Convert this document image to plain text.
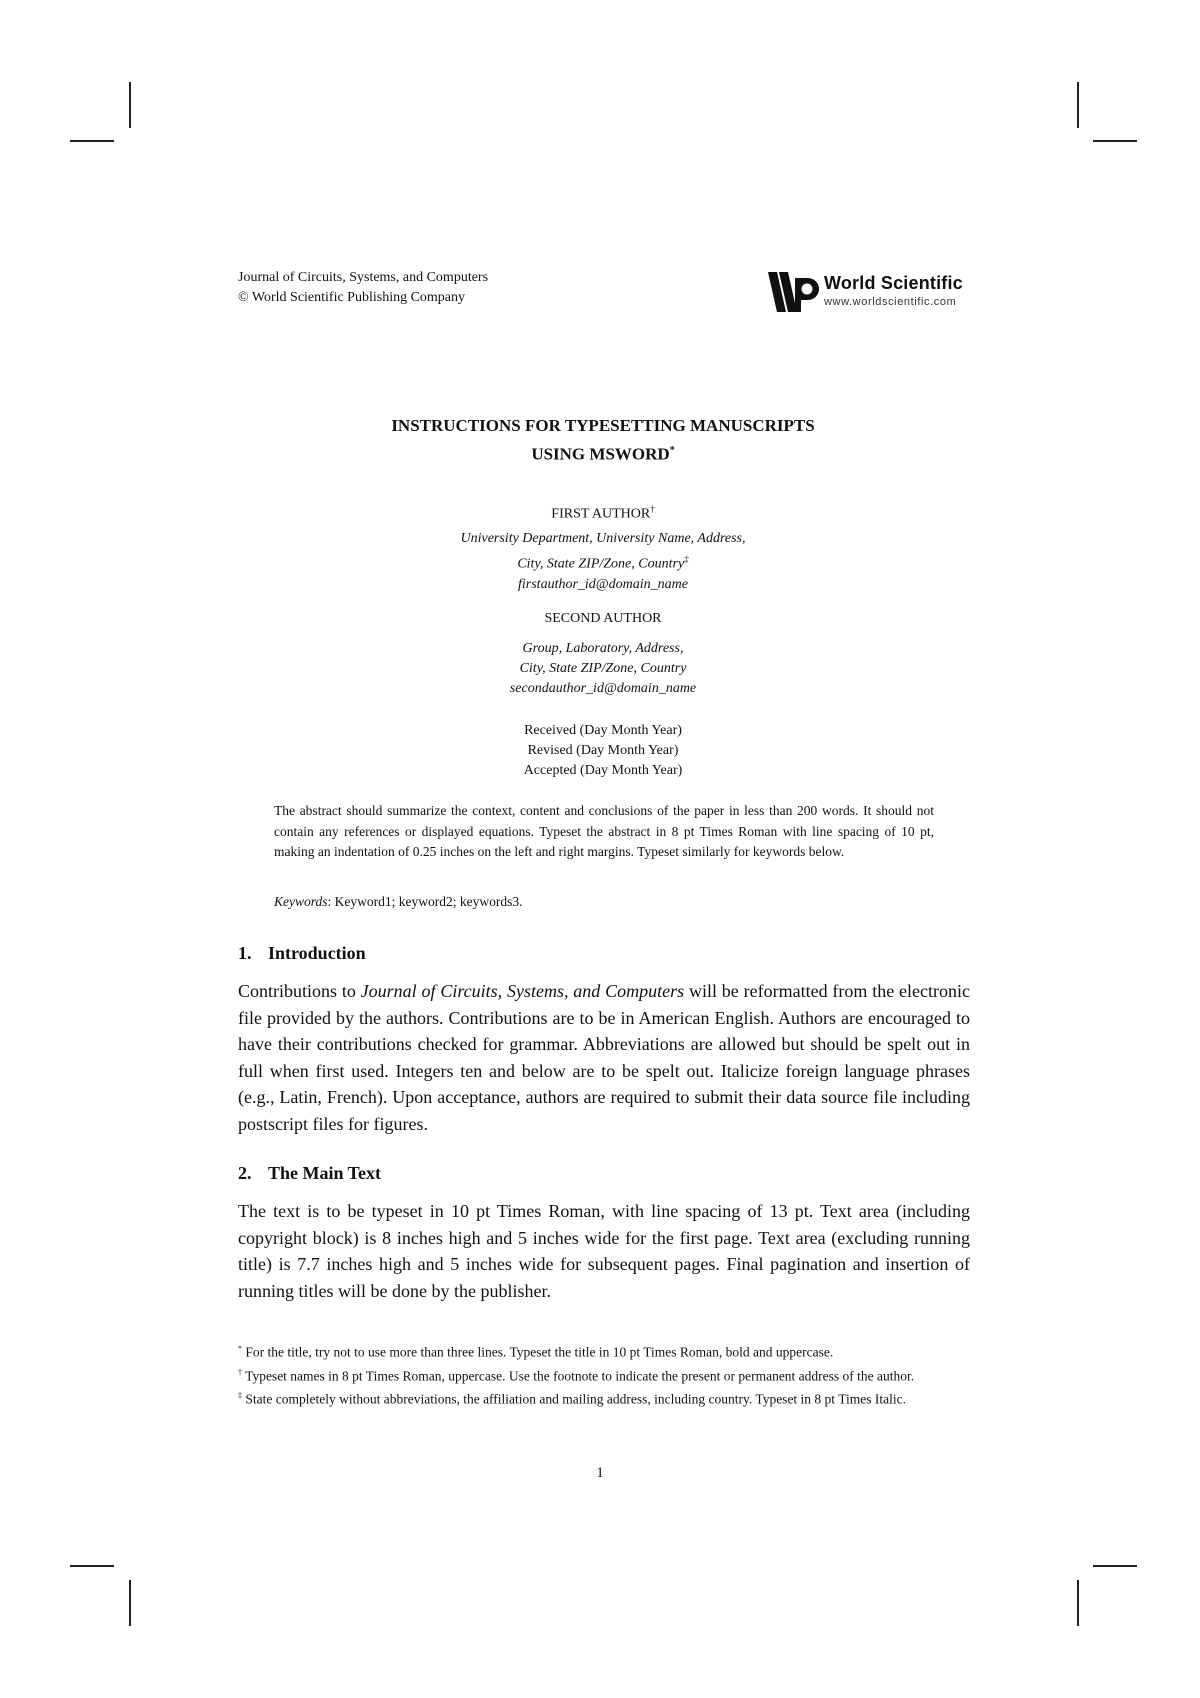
Journal of Circuits, Systems, and Computers
© World Scientific Publishing Company
World Scientific
www.worldscientific.com
INSTRUCTIONS FOR TYPESETTING MANUSCRIPTS
USING MSWORD*
FIRST AUTHOR†
University Department, University Name, Address,
City, State ZIP/Zone, Country‡
firstauthor_id@domain_name
SECOND AUTHOR
Group, Laboratory, Address,
City, State ZIP/Zone, Country
secondauthor_id@domain_name
Received (Day Month Year)
Revised (Day Month Year)
Accepted (Day Month Year)
The abstract should summarize the context, content and conclusions of the paper in less than 200 words. It should not contain any references or displayed equations. Typeset the abstract in 8 pt Times Roman with line spacing of 10 pt, making an indentation of 0.25 inches on the left and right margins. Typeset similarly for keywords below.
Keywords: Keyword1; keyword2; keywords3.
1. Introduction
Contributions to Journal of Circuits, Systems, and Computers will be reformatted from the electronic file provided by the authors. Contributions are to be in American English. Authors are encouraged to have their contributions checked for grammar. Abbreviations are allowed but should be spelt out in full when first used. Integers ten and below are to be spelt out. Italicize foreign language phrases (e.g., Latin, French). Upon acceptance, authors are required to submit their data source file including postscript files for figures.
2. The Main Text
The text is to be typeset in 10 pt Times Roman, with line spacing of 13 pt. Text area (including copyright block) is 8 inches high and 5 inches wide for the first page. Text area (excluding running title) is 7.7 inches high and 5 inches wide for subsequent pages. Final pagination and insertion of running titles will be done by the publisher.

* For the title, try not to use more than three lines. Typeset the title in 10 pt Times Roman, bold and uppercase.

† Typeset names in 8 pt Times Roman, uppercase. Use the footnote to indicate the present or permanent address of the author.

‡ State completely without abbreviations, the affiliation and mailing address, including country. Typeset in 8 pt Times Italic.

1
